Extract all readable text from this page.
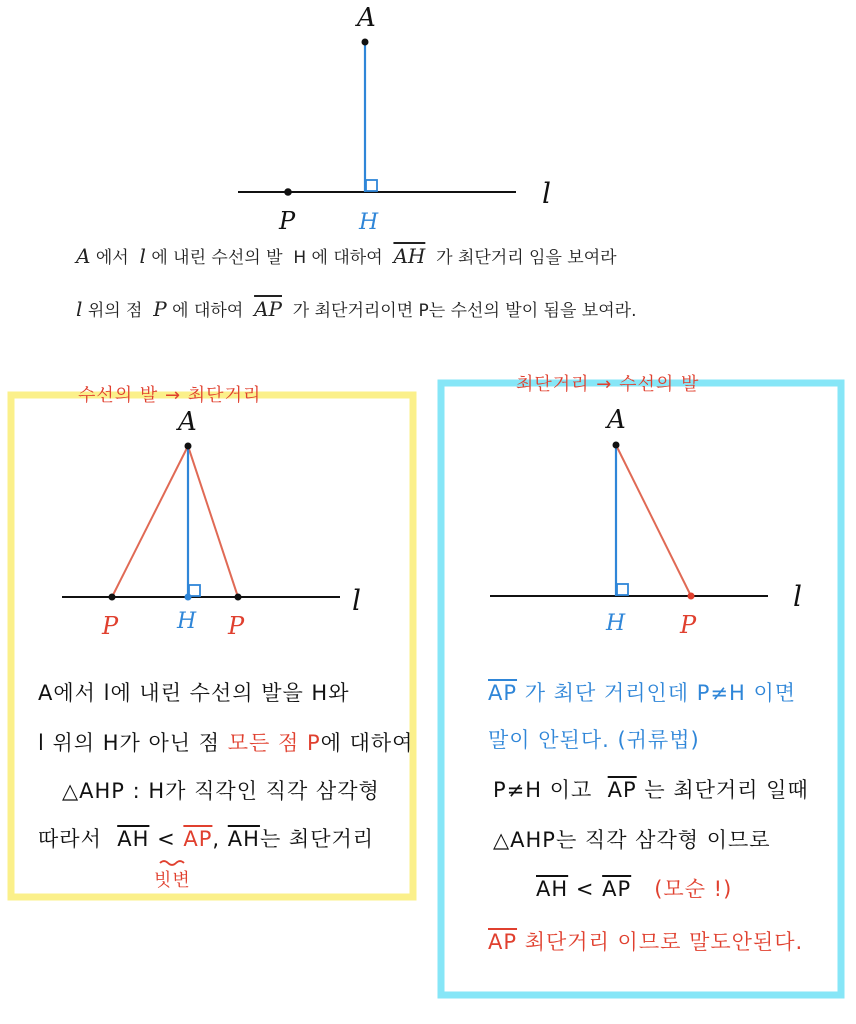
A
P	H
l
A
P	H P
l
A
H P
l
A 에서 l 에 내린 수선의 발 H 에 대하여 $\overline{AH}$ 가 최단거리 임을 보여라
l 위의 점 P 에 대하여 $\overline{AP}$ 가 최단거리이면 P는 수선의 발이 됨을 보여라.
수선의 발 → 최단거리
A에서 l에 내린 수선의 발을 H와
l 위의 H가 아닌 점 모든 점 P에 대하여
△AHP : H가 직각인 직각 삼각형
따라서 $\overline{AH} < \overline{AP}$, $\overline{AH}$는 최단거리
빗변
최단거리 → 수선의 발
$\overline{AP}$ 가 최단 거리인데 P≠H 이면
말이 안된다. (귀류법)
P≠H 이고 $\overline{AP}$ 는 최단거리 일때
△AHP는 직각 삼각형 이므로
$\overline{AH} < \overline{AP}$ (모순 !)
$\overline{AP}$ 최단거리 이므로 말도안된다.
